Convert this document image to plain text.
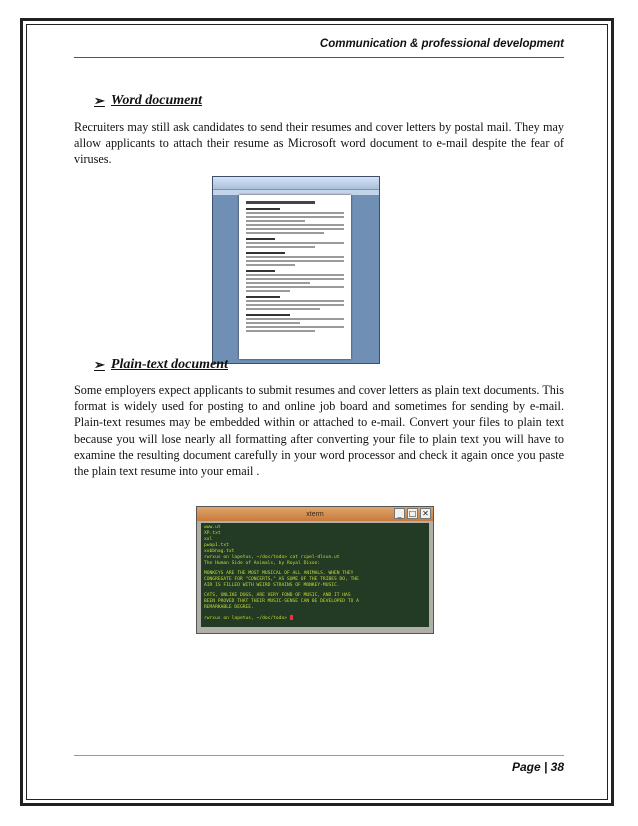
Communication & professional development
➢ Word document
Recruiters may still ask candidates to send their resumes and cover letters by postal mail. They may allow applicants to attach their resume as Microsoft word document to e-mail despite the fear of viruses.
➢ Plain-text document
Some employers expect applicants to submit resumes and cover letters as plain text documents. This format is widely used for posting to and online job board and sometimes for sending by e-mail. Plain-text resumes may be embedded within or attached to e-mail. Convert your files to plain text because you will lose nearly all formatting after converting your file to plain text you will have to examine the resulting document carefully in your word processor and check it again once you paste the plain text resume into your email .
xterm	_ □ ✕
www.ut
XP.txt
xxl
pwap1.txt
xxbbhag.txt
rwrxus on lapetus, ~/doc/todo> cat rcpel-dlsun.ut
The Human Side of Animals, by Royal Dixon:
MONKEYS ARE THE MOST MUSICAL OF ALL ANIMALS. WHEN THEY
CONGREGATE FOR "CONCERTS," AS SOME OF THE TRIBES DO, THE
AIR IS FILLED WITH WEIRD STRAINS OF MONKEY-MUSIC.
CATS, UNLIKE DOGS, ARE VERY FOND OF MUSIC, AND IT HAS
BEEN PROVED THAT THEIR MUSIC-SENSE CAN BE DEVELOPED TO A
REMARKABLE DEGREE.
rwrxus on lapetus, ~/doc/todo>
Page | 38
